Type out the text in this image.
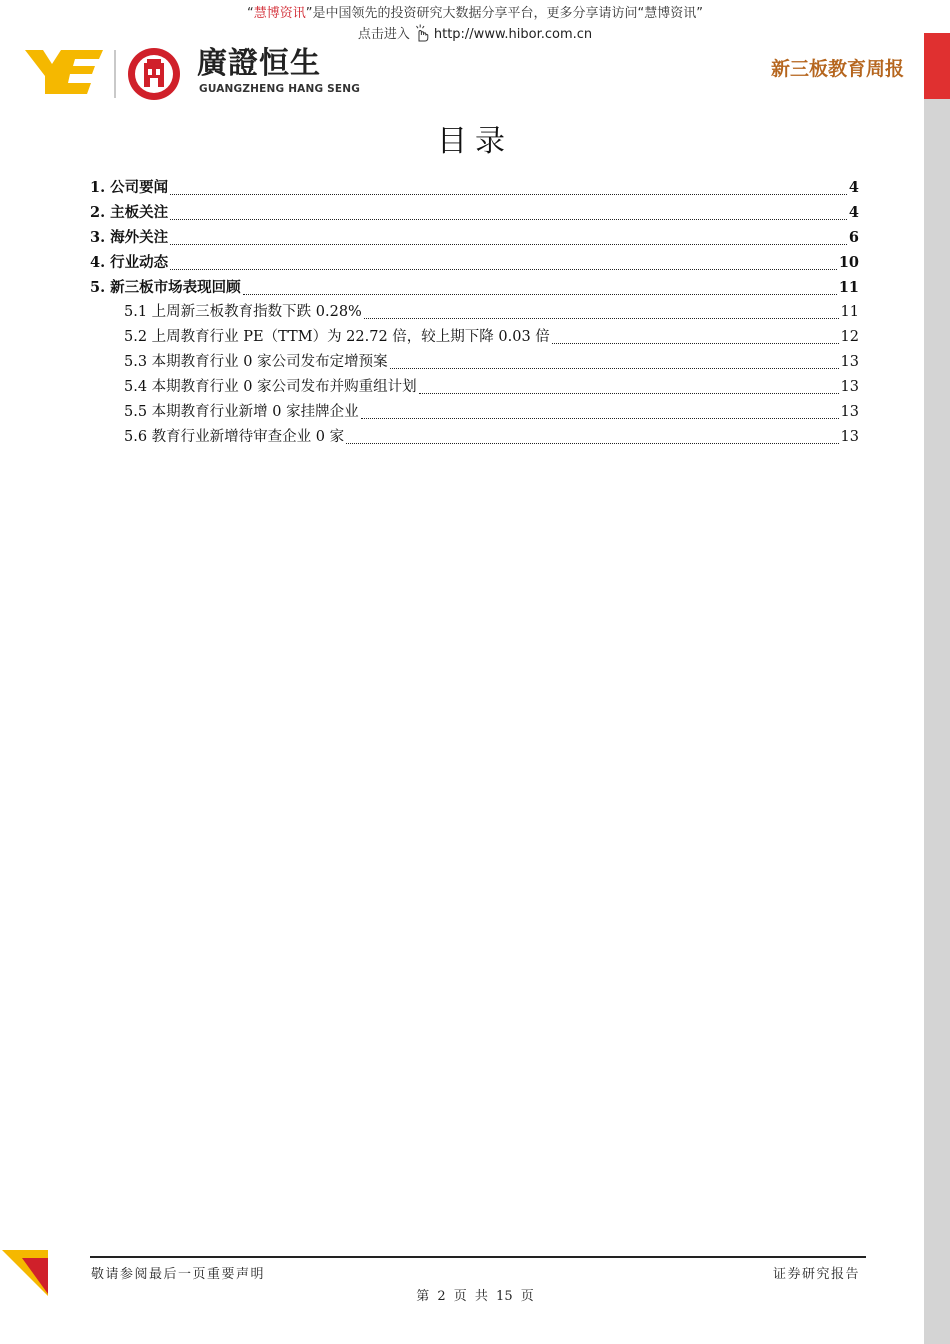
“慧博资讯”是中国领先的投资研究大数据分享平台，更多分享请访问“慧博资讯”
点击进入 http://www.hibor.com.cn
廣證恒生
GUANGZHENG HANG SENG
新三板教育周报
目录
1. 公司要闻	4
2. 主板关注	4
3. 海外关注	6
4. 行业动态	10
5. 新三板市场表现回顾	11
5.1 上周新三板教育指数下跌 0.28%	11
5.2 上周教育行业 PE（TTM）为 22.72 倍，较上期下降 0.03 倍	12
5.3 本期教育行业 0 家公司发布定增预案	13
5.4 本期教育行业 0 家公司发布并购重组计划	13
5.5 本期教育行业新增 0 家挂牌企业	13
5.6 教育行业新增待审查企业 0 家	13
敬请参阅最后一页重要声明	证券研究报告
第 2 页 共 15 页
